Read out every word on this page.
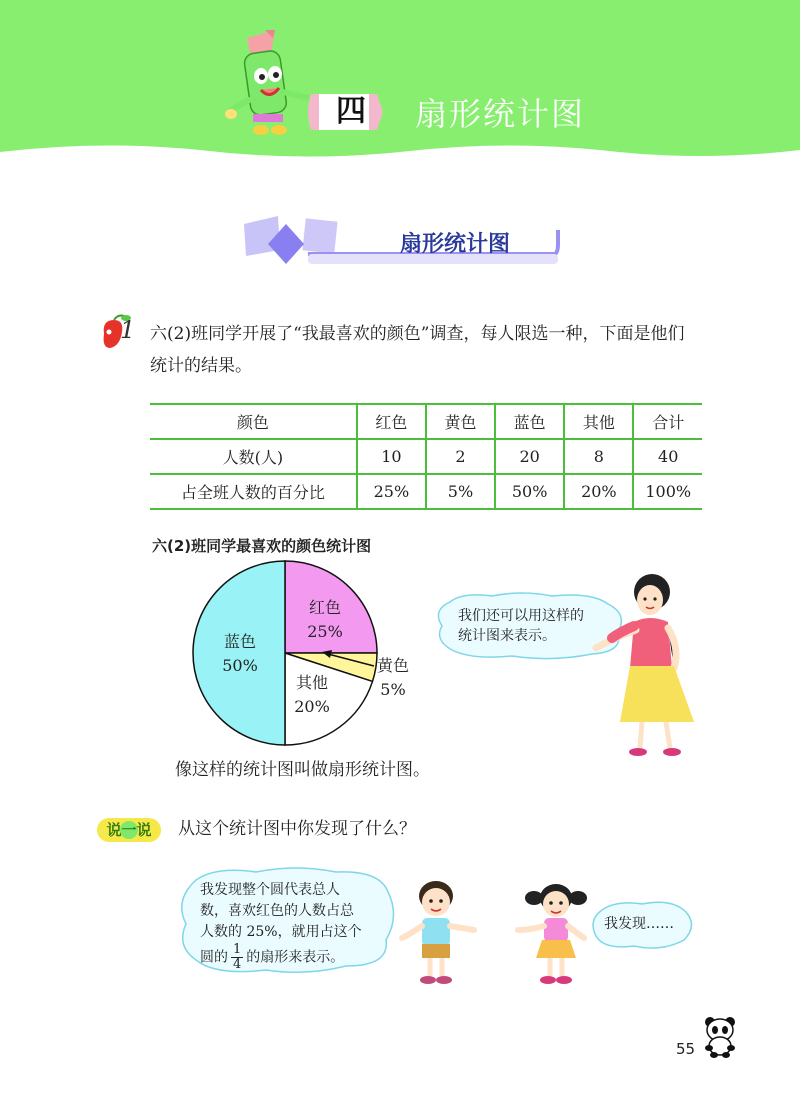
四	扇形统计图
扇形统计图
1 六(2)班同学开展了“我最喜欢的颜色”调查，每人限选一种，下面是他们
统计的结果。
颜色	红色	黄色	蓝色	其他	合计
人数(人)	10	2	20	8	40
占全班人数的百分比	25%	5%	50%	20%	100%
六(2)班同学最喜欢的颜色统计图
红色
25%
蓝色
50%
其他
20%
黄色
5%
我们还可以用这样的
统计图来表示。
像这样的统计图叫做扇形统计图。
说一说	从这个统计图中你发现了什么？
我发现整个圆代表总人
数，喜欢红色的人数占总
人数的 25%，就用占这个
圆的 $\frac{1}{4}$ 的扇形来表示。
我发现……
55
